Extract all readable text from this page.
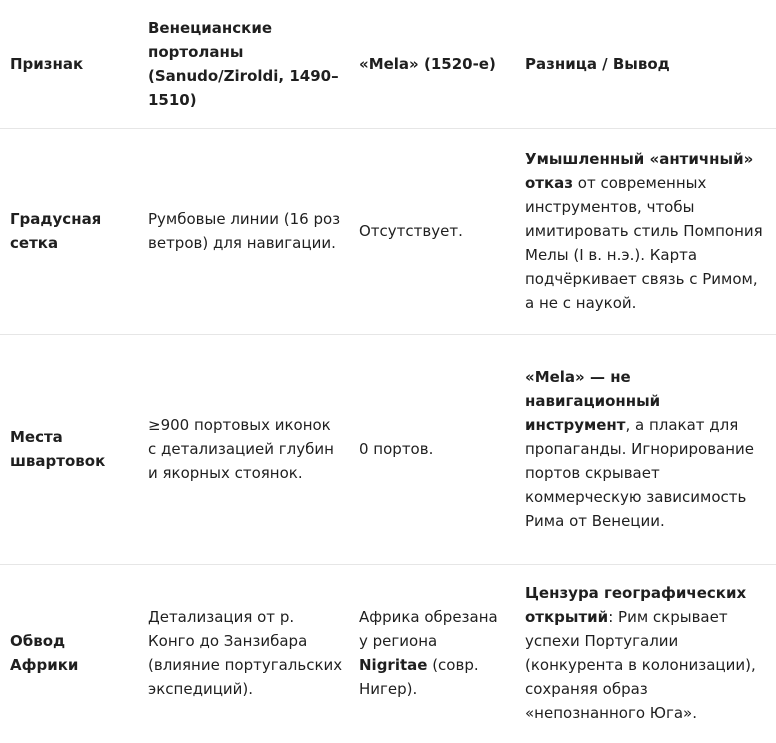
Признак	Венецианские портоланы (Sanudo/Ziroldi, 1490–1510)	«Mela» (1520-е)	Разница / Вывод
Градусная сетка	Румбовые линии (16 роз ветров) для навигации.	Отсутствует.	Умышленный «античный» отказ от современных инструментов, чтобы имитировать стиль Помпония Мелы (I в. н.э.). Карта подчёркивает связь с Римом, а не с наукой.
Места швартовок	≥900 портовых иконок с детализацией глубин и якорных стоянок.	0 портов.	«Mela» — не навигационный инструмент, а плакат для пропаганды. Игнорирование портов скрывает коммерческую зависимость Рима от Венеции.
Обвод Африки	Детализация от р. Конго до Занзибара (влияние португальских экспедиций).	Африка обрезана у региона Nigritae (совр. Нигер).	Цензура географических открытий: Рим скрывает успехи Португалии (конкурента в колонизации), сохраняя образ «непознанного Юга».
